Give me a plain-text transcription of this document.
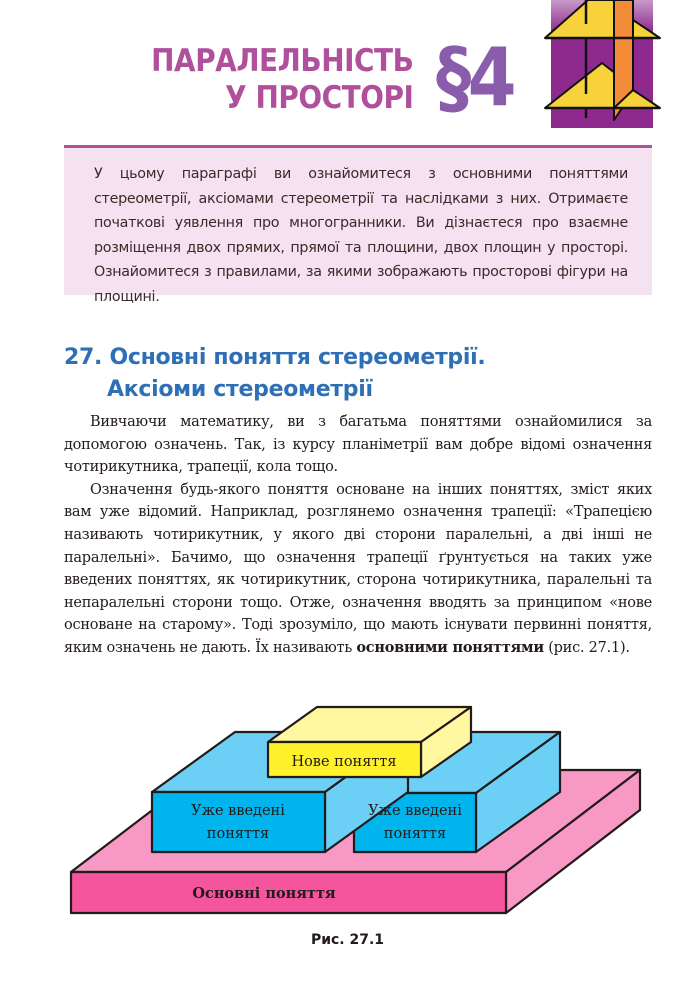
ПАРАЛЕЛЬНІСТЬ
У ПРОСТОРІ §4
У цьому параграфі ви ознайомитеся з основними поняттями стереометрії, аксіомами стереометрії та наслідками з них. Отримаєте початкові уявлення про многогранники. Ви дізнаєтеся про взаємне розміщення двох прямих, прямої та площини, двох площин у просторі. Ознайомитеся з правилами, за якими зображають просторові фігури на площині.
27. Основні поняття стереометрії.
Аксіоми стереометрії

Вивчаючи математику, ви з багатьма поняттями ознайомилися за допомогою означень. Так, із курсу планіметрії вам добре відомі означення чотирикутника, трапеції, кола тощо.

Означення будь-якого поняття основане на інших поняттях, зміст яких вам уже відомий. Наприклад, розглянемо означення трапеції: «Трапецією називають чотирикутник, у якого дві сторони паралельні, а дві інші не паралельні». Бачимо, що означення трапеції ґрунтується на таких уже введених поняттях, як чотирикутник, сторона чотирикутника, паралельні та непаралельні сторони тощо. Отже, означення вводять за принципом «нове основане на старому». Тоді зрозуміло, що мають існувати первинні поняття, яким означень не дають. Їх називають основними поняттями (рис. 27.1).

Нове поняття
Уже введені
поняття
Уже введені
поняття
Основні поняття
Рис. 27.1
